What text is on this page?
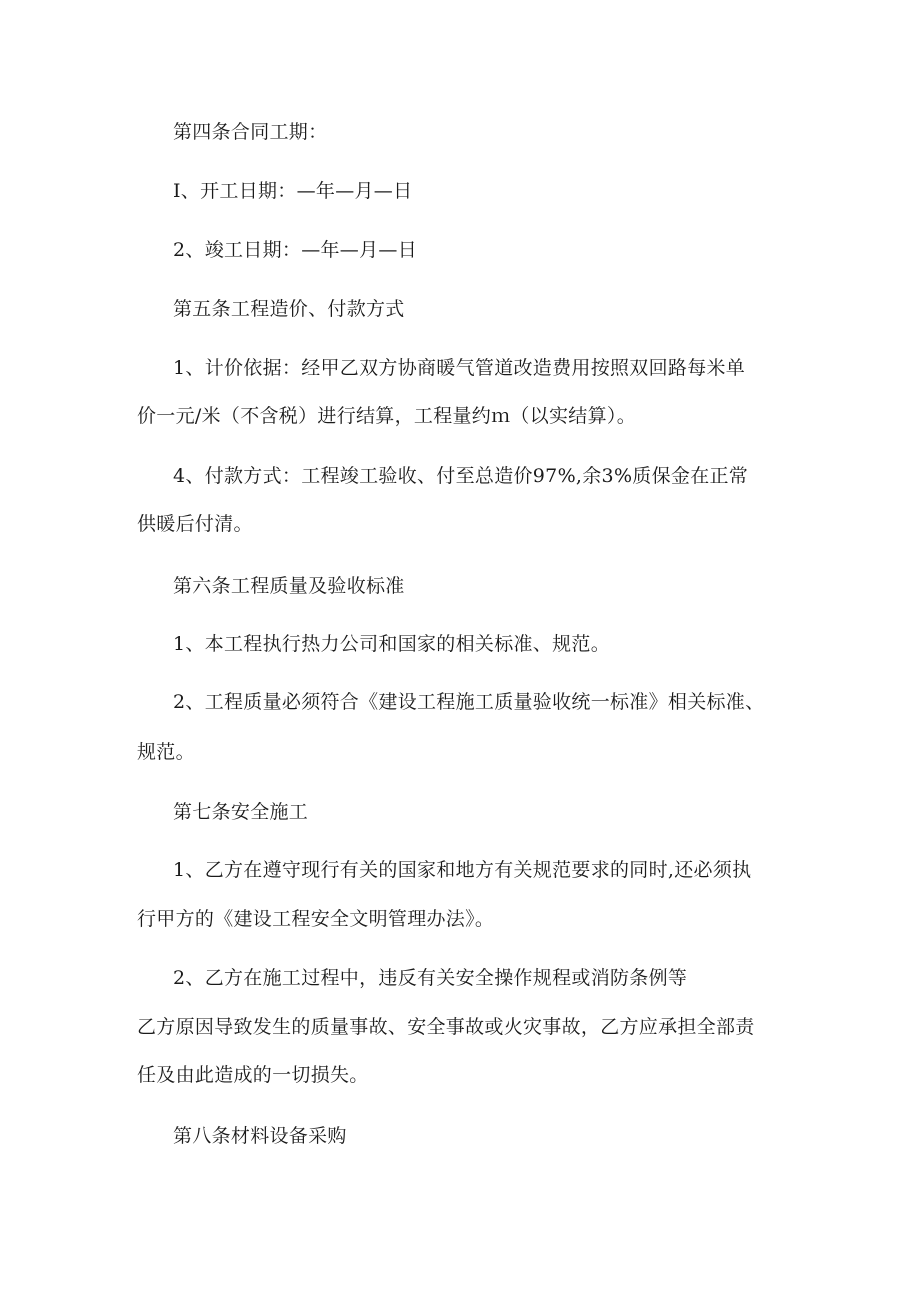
第四条合同工期：
I、开工日期：—年—月—日
2、竣工日期：—年—月—日
第五条工程造价、付款方式
1、计价依据：经甲乙双方协商暖气管道改造费用按照双回路每米单
价一元/米（不含税）进行结算，工程量约ｍ（以实结算）。
4、付款方式：工程竣工验收、付至总造价97%,余3%质保金在正常
供暖后付清。
第六条工程质量及验收标准
1、本工程执行热力公司和国家的相关标准、规范。
2、工程质量必须符合《建设工程施工质量验收统一标准》相关标准、
规范。
第七条安全施工
1、乙方在遵守现行有关的国家和地方有关规范要求的同时,还必须执
行甲方的《建设工程安全文明管理办法》。
2、乙方在施工过程中，违反有关安全操作规程或消防条例等
乙方原因导致发生的质量事故、安全事故或火灾事故，乙方应承担全部责
任及由此造成的一切损失。
第八条材料设备采购
